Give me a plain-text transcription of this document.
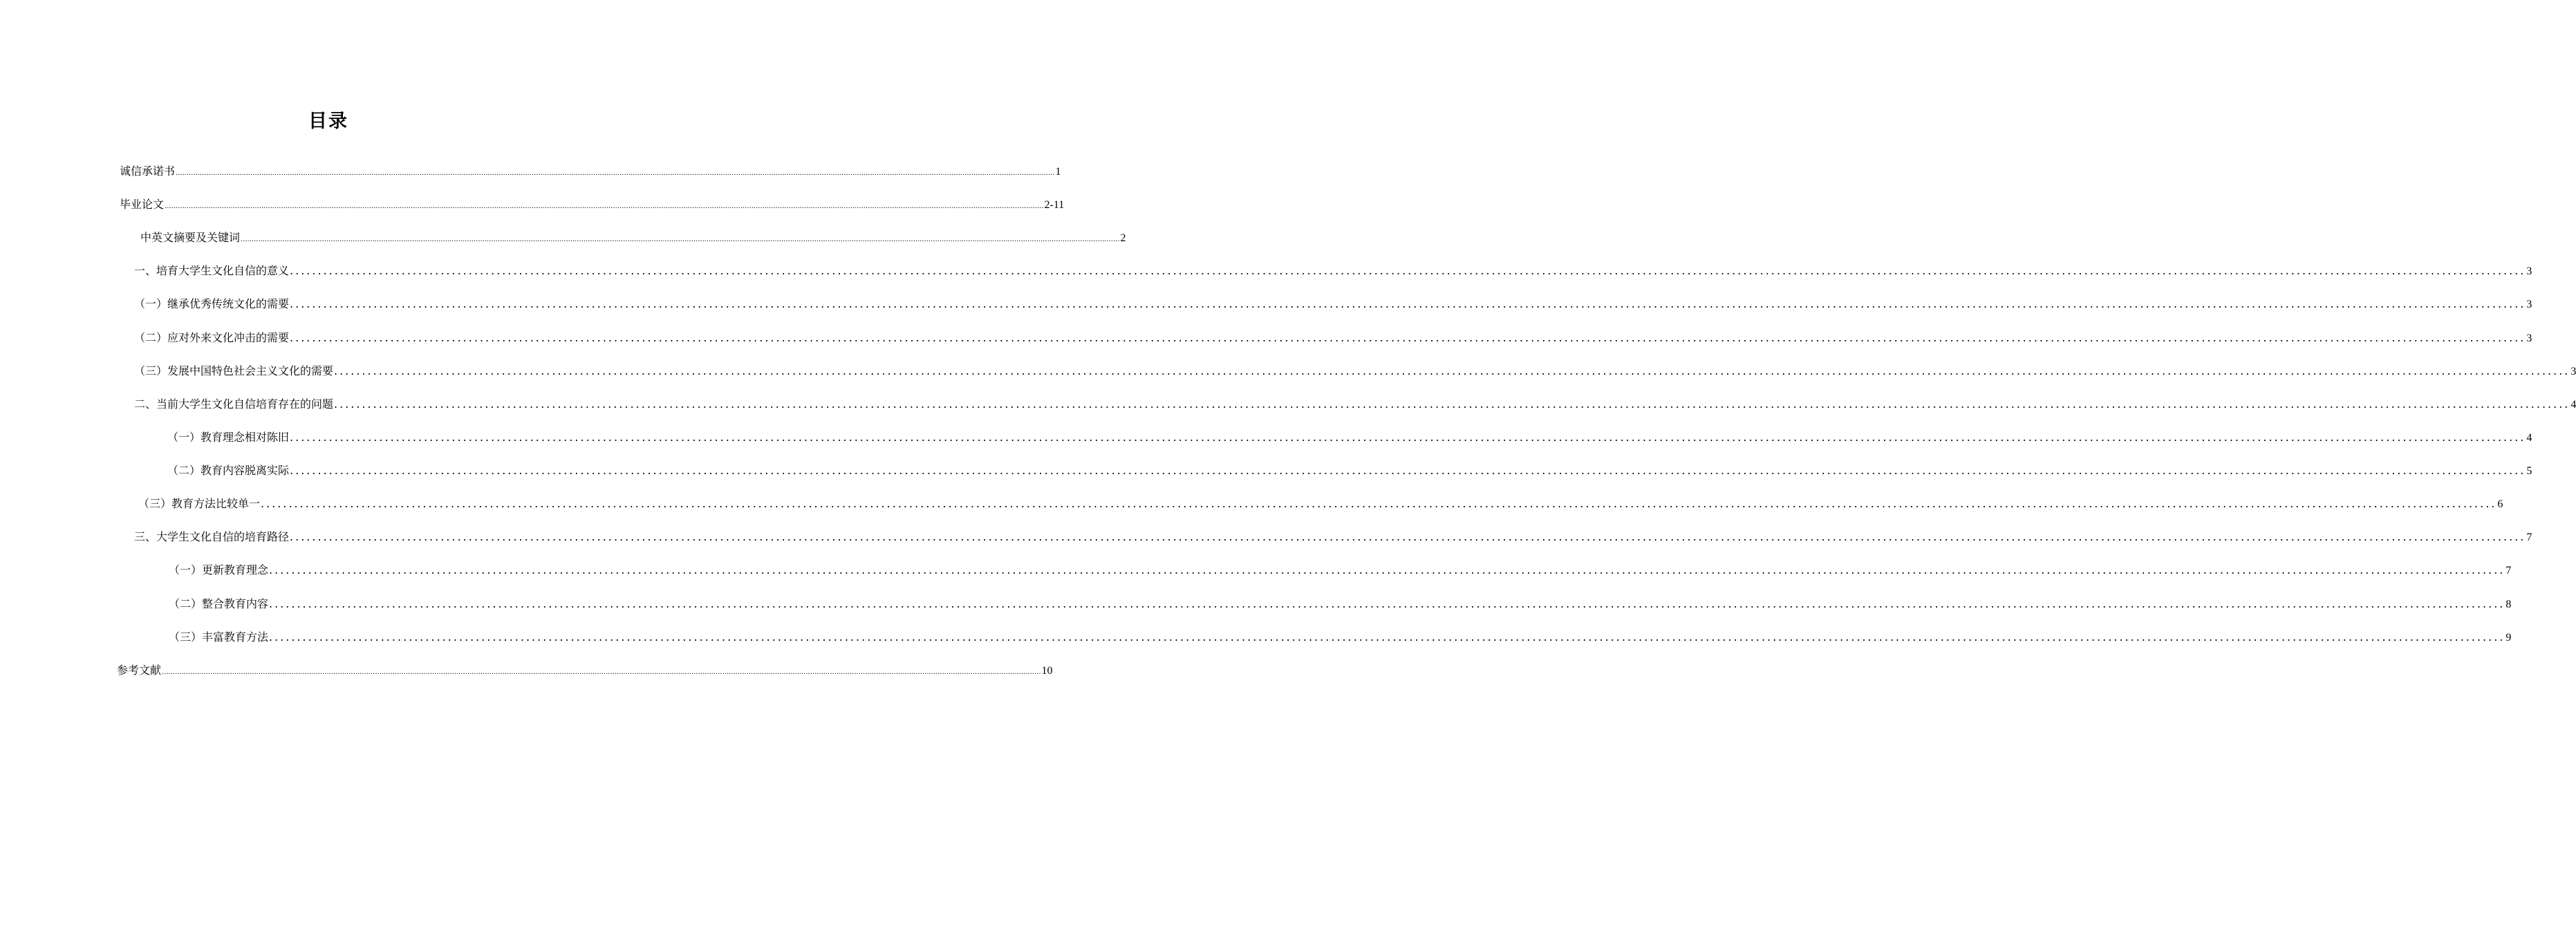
目录
诚信承诺书 ................................................................................................................................................................................................................................................................................................................................................................................................................ 1
毕业论文 ................................................................................................................................................................................................................................................................................................................................................................................................................ 2-11
中英文摘要及关键词 ................................................................................................................................................................................................................................................................................................................................................................................................................ 2
一、培育大学生文化自信的意义 ................................................................................................................................................................................................................................................................................................................................................................................................................ 3
（一）继承优秀传统文化的需要 ................................................................................................................................................................................................................................................................................................................................................................................................................ 3
（二）应对外来文化冲击的需要 ................................................................................................................................................................................................................................................................................................................................................................................................................ 3
（三）发展中国特色社会主义文化的需要 ................................................................................................................................................................................................................................................................................................................................................................................................................ 3
二、当前大学生文化自信培育存在的问题 ................................................................................................................................................................................................................................................................................................................................................................................................................ 4
（一）教育理念相对陈旧 ................................................................................................................................................................................................................................................................................................................................................................................................................ 4
（二）教育内容脱离实际 ................................................................................................................................................................................................................................................................................................................................................................................................................ 5
（三）教育方法比较单一 ................................................................................................................................................................................................................................................................................................................................................................................................................ 6
三、大学生文化自信的培育路径 ................................................................................................................................................................................................................................................................................................................................................................................................................ 7
（一）更新教育理念 ................................................................................................................................................................................................................................................................................................................................................................................................................ 7
（二）整合教育内容 ................................................................................................................................................................................................................................................................................................................................................................................................................ 8
（三）丰富教育方法 ................................................................................................................................................................................................................................................................................................................................................................................................................ 9
参考文献 ................................................................................................................................................................................................................................................................................................................................................................................................................ 10
